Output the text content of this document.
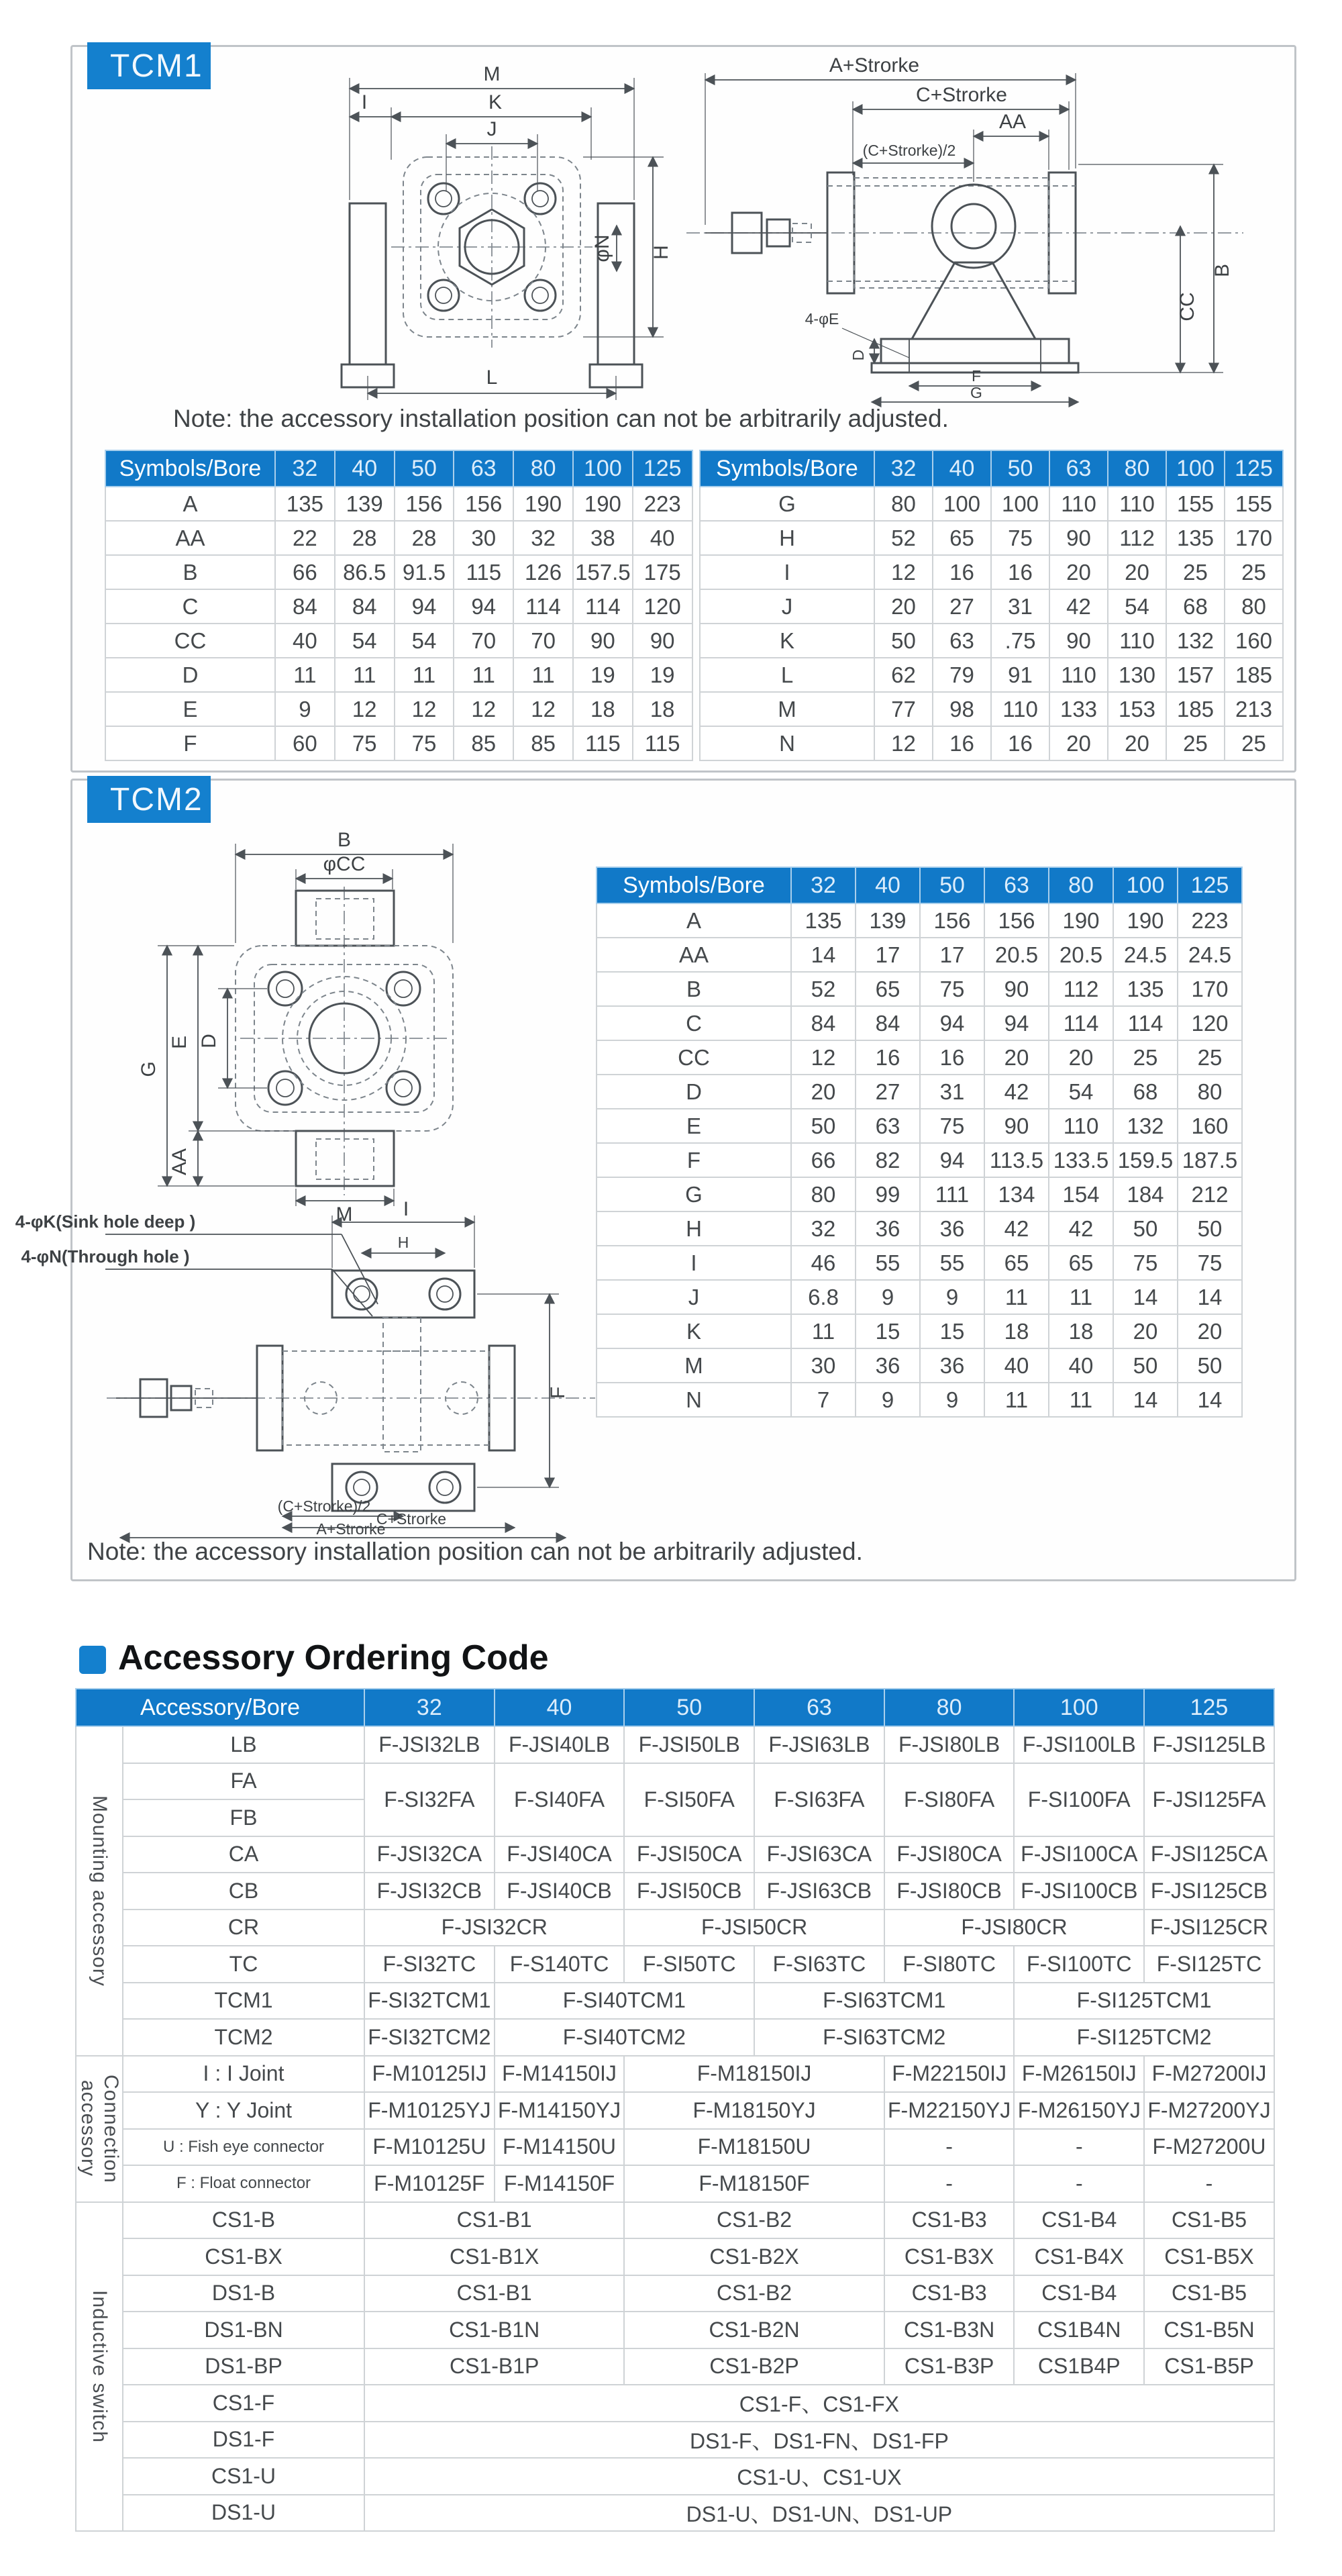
TCM1	M
K
I
J
H
φN
L
A+Strorke
C+Strorke
AA
(C+Strorke)/2
B
CC
4-φE
D
F
G
Note: the accessory installation position can not be arbitrarily adjusted.
Symbols/Bore	32	40	50	63	80	100	125
A	135	139	156	156	190	190	223
AA	22	28	28	30	32	38	40
B	66	86.5	91.5	115	126	157.5	175
C	84	84	94	94	114	114	120
CC	40	54	54	70	70	90	90
D	11	11	11	11	11	19	19
E	9	12	12	12	12	18	18
F	60	75	75	85	85	115	115
Symbols/Bore	32	40	50	63	80	100	125
G	80	100	100	110	110	155	155
H	52	65	75	90	112	135	170
I	12	16	16	20	20	25	25
J	20	27	31	42	54	68	80
K	50	63	.75	90	110	132	160
L	62	79	91	110	130	157	185
M	77	98	110	133	153	185	213
N	12	16	16	20	20	25	25
TCM2
B
φCC
G
E D
AA
M
4-φK(Sink hole deep )
4-φN(Through hole )
I
H
F
(C+Strorke)/2
C+Strorke
A+Strorke
Symbols/Bore	32	40	50	63	80	100	125
A	135	139	156	156	190	190	223
AA	14	17	17	20.5	20.5	24.5	24.5
B	52	65	75	90	112	135	170
C	84	84	94	94	114	114	120
CC	12	16	16	20	20	25	25
D	20	27	31	42	54	68	80
E	50	63	75	90	110	132	160
F	66	82	94	113.5	133.5	159.5	187.5
G	80	99	111	134	154	184	212
H	32	36	36	42	42	50	50
I	46	55	55	65	65	75	75
J	6.8	9	9	11	11	14	14
K	11	15	15	18	18	20	20
M	30	36	36	40	40	50	50
N	7	9	9	11	11	14	14
Note: the accessory installation position can not be arbitrarily adjusted.
Accessory Ordering Code
Accessory/Bore		32	40	50	63	80	100	125
Mounting accessory	LB	F-JSI32LB	F-JSI40LB	F-JSI50LB	F-JSI63LB	F-JSI80LB	F-JSI100LB	F-JSI125LB
	FA	F-SI32FA	F-SI40FA	F-SI50FA	F-SI63FA	F-SI80FA	F-SI100FA	F-JSI125FA
	FB							
	CA	F-JSI32CA	F-JSI40CA	F-JSI50CA	F-JSI63CA	F-JSI80CA	F-JSI100CA	F-JSI125CA
	CB	F-JSI32CB	F-JSI40CB	F-JSI50CB	F-JSI63CB	F-JSI80CB	F-JSI100CB	F-JSI125CB
	CR	F-JSI32CR		F-JSI50CR		F-JSI80CR		F-JSI125CR
	TC	F-SI32TC	F-S140TC	F-SI50TC	F-SI63TC	F-SI80TC	F-SI100TC	F-SI125TC
	TCM1	F-SI32TCM1	F-SI40TCM1		F-SI63TCM1		F-SI125TCM1	
	TCM2	F-SI32TCM2	F-SI40TCM2		F-SI63TCM2		F-SI125TCM2	
Connection accessory	I : I Joint	F-M10125IJ	F-M14150IJ	F-M18150IJ		F-M22150IJ	F-M26150IJ	F-M27200IJ
	Y : Y Joint	F-M10125YJ	F-M14150YJ	F-M18150YJ		F-M22150YJ	F-M26150YJ	F-M27200YJ
	U : Fish eye connector	F-M10125U	F-M14150U	F-M18150U		-	-	F-M27200U
	F : Float connector	F-M10125F	F-M14150F	F-M18150F		-	-	-
Inductive switch	CS1-B	CS1-B1		CS1-B2		CS1-B3	CS1-B4	CS1-B5
	CS1-BX	CS1-B1X		CS1-B2X		CS1-B3X	CS1-B4X	CS1-B5X
	DS1-B	CS1-B1		CS1-B2		CS1-B3	CS1-B4	CS1-B5
	DS1-BN	CS1-B1N		CS1-B2N		CS1-B3N	CS1B4N	CS1-B5N
	DS1-BP	CS1-B1P		CS1-B2P		CS1-B3P	CS1B4P	CS1-B5P
	CS1-F	CS1-F、CS1-FX						
	DS1-F	DS1-F、DS1-FN、DS1-FP						
	CS1-U	CS1-U、CS1-UX						
	DS1-U	DS1-U、DS1-UN、DS1-UP						
